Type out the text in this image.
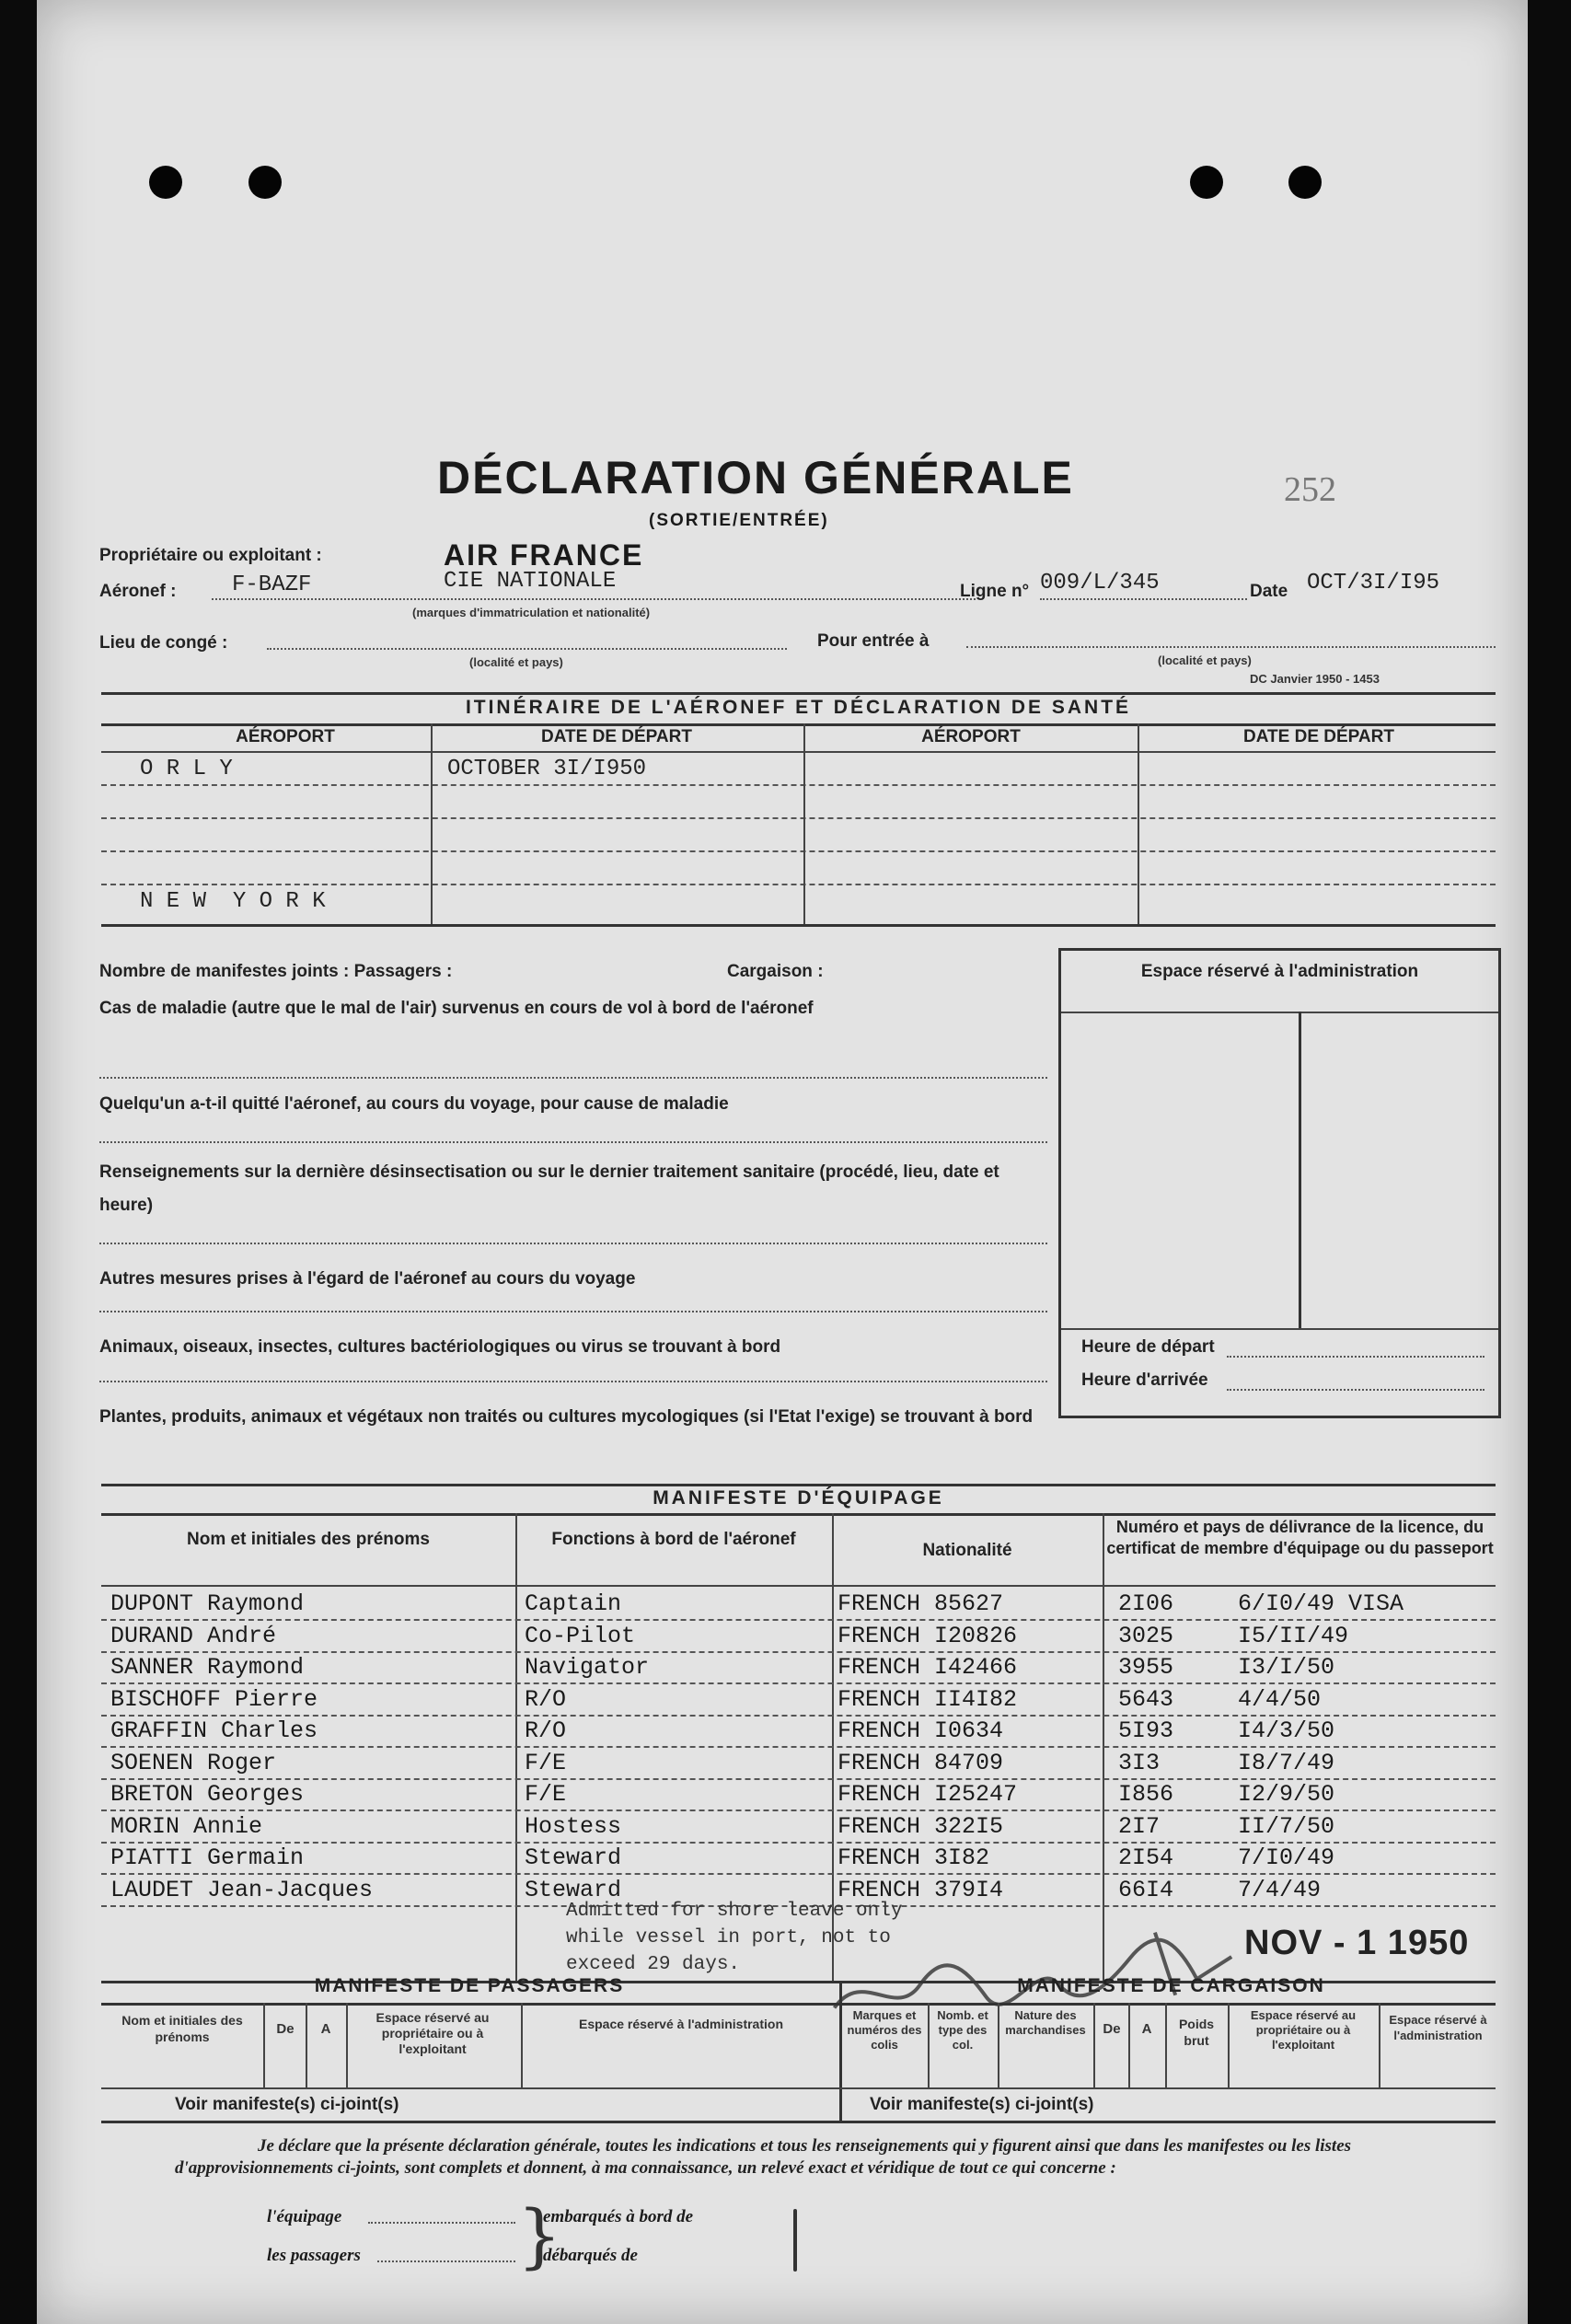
DÉCLARATION GÉNÉRALE
(SORTIE/ENTRÉE)
252
Propriétaire ou exploitant :	AIR FRANCE
Aéronef :	F-BAZF	CIE NATIONALE
(marques d'immatriculation et nationalité)
Ligne n° 009/L/345	Date OCT/3I/I95
Lieu de congé :
(localité et pays)
Pour entrée à
(localité et pays)
DC Janvier 1950 - 1453
ITINÉRAIRE DE L'AÉRONEF ET DÉCLARATION DE SANTÉ
AÉROPORT	DATE DE DÉPART	AÉROPORT	DATE DE DÉPART
O R L Y	OCTOBER 3I/I950
N E W  Y O R K
Nombre de manifestes joints : Passagers :	Cargaison :
Cas de maladie (autre que le mal de l'air) survenus en cours de vol à bord de l'aéronef
Quelqu'un a-t-il quitté l'aéronef, au cours du voyage, pour cause de maladie
Renseignements sur la dernière désinsectisation ou sur le dernier traitement sanitaire (procédé, lieu, date et heure)
Autres mesures prises à l'égard de l'aéronef au cours du voyage
Animaux, oiseaux, insectes, cultures bactériologiques ou virus se trouvant à bord
Plantes, produits, animaux et végétaux non traités ou cultures mycologiques (si l'Etat l'exige) se trouvant à bord
Espace réservé à l'administration
Heure de départ
Heure d'arrivée
MANIFESTE D'ÉQUIPAGE
Nom et initiales des prénoms	Fonctions à bord de l'aéronef
Nationalité
Numéro et pays de délivrance de la licence, du certificat de membre d'équipage ou du passeport
DUPONT Raymond	Captain	FRENCH 85627	2I06	6/I0/49 VISA
DURAND André	Co-Pilot	FRENCH I20826	3025	I5/II/49
SANNER Raymond	Navigator	FRENCH I42466	3955	I3/I/50
BISCHOFF Pierre	R/O	FRENCH II4I82	5643	4/4/50
GRAFFIN Charles	R/O	FRENCH I0634	5I93	I4/3/50
SOENEN Roger	F/E	FRENCH 84709	3I3	I8/7/49
BRETON Georges	F/E	FRENCH I25247	I856	I2/9/50
MORIN Annie	Hostess	FRENCH 322I5	2I7	II/7/50
PIATTI Germain	Steward	FRENCH 3I82	2I54	7/I0/49
LAUDET Jean-Jacques	Steward	FRENCH 379I4	66I4	7/4/49
Admitted for shore leave only
while vessel in port, not to
exceed 29 days.
NOV - 1 1950
MANIFESTE DE PASSAGERS	MANIFESTE DE CARGAISON
Nom et initiales des prénoms	De	A
Espace réservé au propriétaire ou à l'exploitant
Espace réservé à l'administration
Marques et numéros des colis
Nomb. et type des col.
Nature des marchandises	De	A	Poids brut
Espace réservé au propriétaire ou à l'exploitant
Espace réservé à l'administration
Voir manifeste(s) ci-joint(s)	Voir manifeste(s) ci-joint(s)
Je déclare que la présente déclaration générale, toutes les indications et tous les renseignements qui y figurent ainsi que dans les manifestes ou les listes d'approvisionnements ci-joints, sont complets et donnent, à ma connaissance, un relevé exact et véridique de tout ce qui concerne :
l'équipage	embarqués à bord de
les passagers	débarqués de
}
